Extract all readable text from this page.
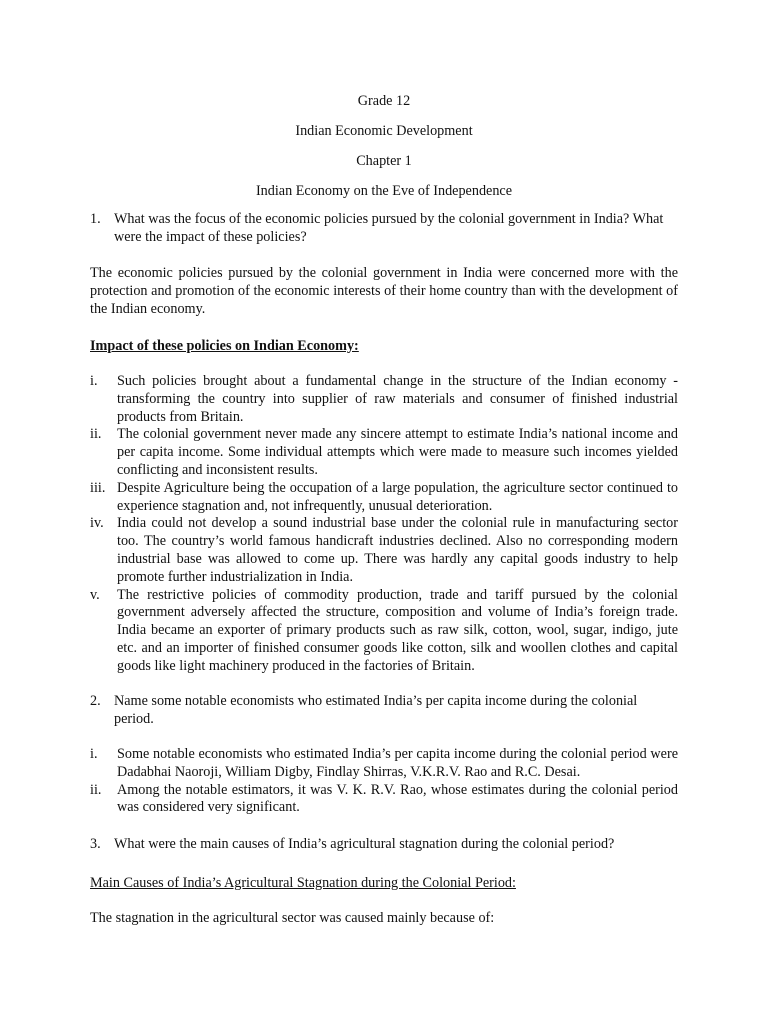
Grade 12
Indian Economic Development
Chapter 1
Indian Economy on the Eve of Independence
1. What was the focus of the economic policies pursued by the colonial government in India? What were the impact of these policies?
The economic policies pursued by the colonial government in India were concerned more with the protection and promotion of the economic interests of their home country than with the development of the Indian economy.
Impact of these policies on Indian Economy:
i. Such policies brought about a fundamental change in the structure of the Indian economy - transforming the country into supplier of raw materials and consumer of finished industrial products from Britain.
ii. The colonial government never made any sincere attempt to estimate India’s national income and per capita income. Some individual attempts which were made to measure such incomes yielded conflicting and inconsistent results.
iii. Despite Agriculture being the occupation of a large population, the agriculture sector continued to experience stagnation and, not infrequently, unusual deterioration.
iv. India could not develop a sound industrial base under the colonial rule in manufacturing sector too. The country’s world famous handicraft industries declined. Also no corresponding modern industrial base was allowed to come up. There was hardly any capital goods industry to help promote further industrialization in India.
v. The restrictive policies of commodity production, trade and tariff pursued by the colonial government adversely affected the structure, composition and volume of India’s foreign trade. India became an exporter of primary products such as raw silk, cotton, wool, sugar, indigo, jute etc. and an importer of finished consumer goods like cotton, silk and woollen clothes and capital goods like light machinery produced in the factories of Britain.
2. Name some notable economists who estimated India’s per capita income during the colonial period.
i. Some notable economists who estimated India’s per capita income during the colonial period were Dadabhai Naoroji, William Digby, Findlay Shirras, V.K.R.V. Rao and R.C. Desai.
ii. Among the notable estimators, it was V. K. R.V. Rao, whose estimates during the colonial period was considered very significant.
3. What were the main causes of India’s agricultural stagnation during the colonial period?
Main Causes of India’s Agricultural Stagnation during the Colonial Period:
The stagnation in the agricultural sector was caused mainly because of:
